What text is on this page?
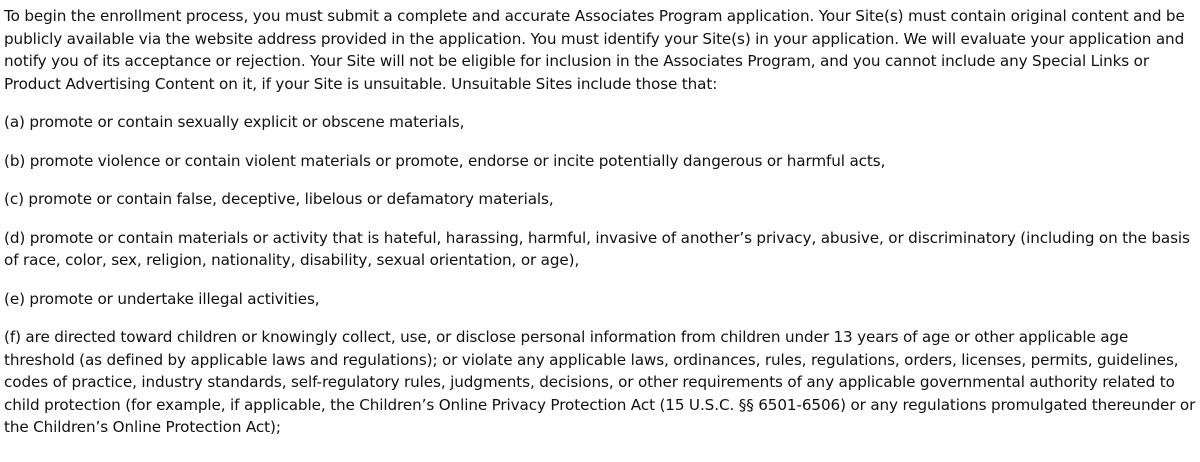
To begin the enrollment process, you must submit a complete and accurate Associates Program application. Your Site(s) must contain original content and be publicly available via the website address provided in the application. You must identify your Site(s) in your application. We will evaluate your application and notify you of its acceptance or rejection. Your Site will not be eligible for inclusion in the Associates Program, and you cannot include any Special Links or Product Advertising Content on it, if your Site is unsuitable. Unsuitable Sites include those that:

(a) promote or contain sexually explicit or obscene materials,

(b) promote violence or contain violent materials or promote, endorse or incite potentially dangerous or harmful acts,

(c) promote or contain false, deceptive, libelous or defamatory materials,

(d) promote or contain materials or activity that is hateful, harassing, harmful, invasive of another’s privacy, abusive, or discriminatory (including on the basis of race, color, sex, religion, nationality, disability, sexual orientation, or age),

(e) promote or undertake illegal activities,

(f) are directed toward children or knowingly collect, use, or disclose personal information from children under 13 years of age or other applicable age threshold (as defined by applicable laws and regulations); or violate any applicable laws, ordinances, rules, regulations, orders, licenses, permits, guidelines, codes of practice, industry standards, self-regulatory rules, judgments, decisions, or other requirements of any applicable governmental authority related to child protection (for example, if applicable, the Children’s Online Privacy Protection Act (15 U.S.C. §§ 6501-6506) or any regulations promulgated thereunder or the Children’s Online Protection Act);
